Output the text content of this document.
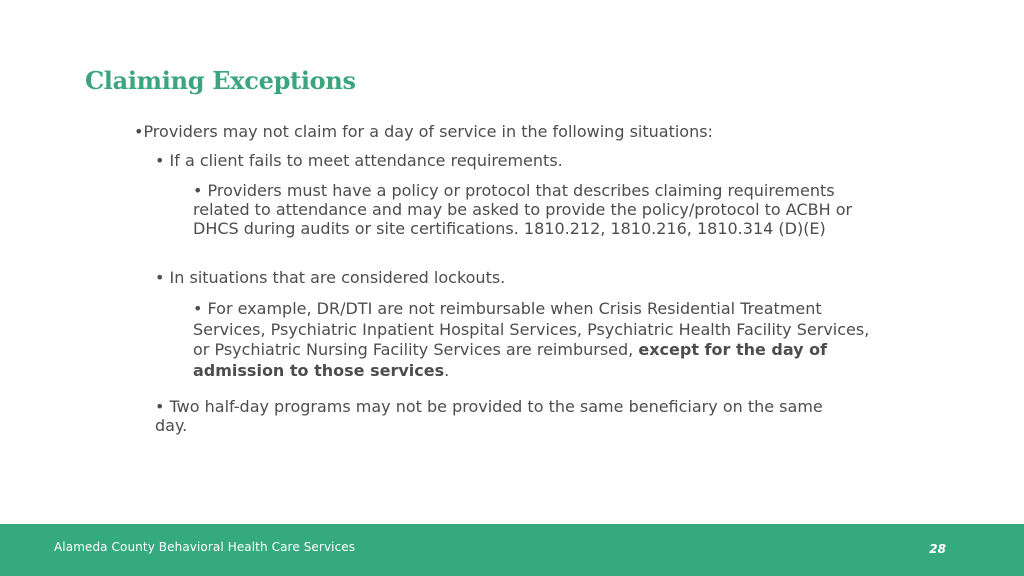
Claiming Exceptions
•Providers may not claim for a day of service in the following situations:
• If a client fails to meet attendance requirements.
• Providers must have a policy or protocol that describes claiming requirements related to attendance and may be asked to provide the policy/protocol to ACBH or DHCS during audits or site certifications. 1810.212, 1810.216, 1810.314 (D)(E)
• In situations that are considered lockouts.
• For example, DR/DTI are not reimbursable when Crisis Residential Treatment Services, Psychiatric Inpatient Hospital Services, Psychiatric Health Facility Services, or Psychiatric Nursing Facility Services are reimbursed, except for the day of admission to those services.
• Two half-day programs may not be provided to the same beneficiary on the same day.
Alameda County Behavioral Health Care Services	28
